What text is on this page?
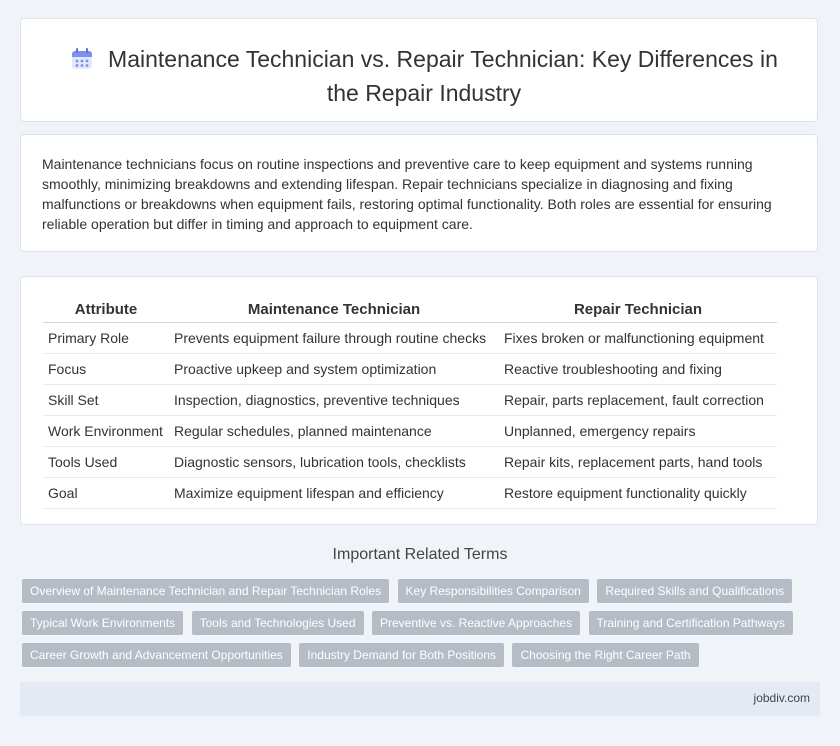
Maintenance Technician vs. Repair Technician: Key Differences in
the Repair Industry
Maintenance technicians focus on routine inspections and preventive care to keep equipment and systems running smoothly, minimizing breakdowns and extending lifespan. Repair technicians specialize in diagnosing and fixing malfunctions or breakdowns when equipment fails, restoring optimal functionality. Both roles are essential for ensuring reliable operation but differ in timing and approach to equipment care.
Attribute	Maintenance Technician	Repair Technician
Primary Role	Prevents equipment failure through routine checks	Fixes broken or malfunctioning equipment
Focus	Proactive upkeep and system optimization	Reactive troubleshooting and fixing
Skill Set	Inspection, diagnostics, preventive techniques	Repair, parts replacement, fault correction
Work Environment	Regular schedules, planned maintenance	Unplanned, emergency repairs
Tools Used	Diagnostic sensors, lubrication tools, checklists	Repair kits, replacement parts, hand tools
Goal	Maximize equipment lifespan and efficiency	Restore equipment functionality quickly
Important Related Terms
Overview of Maintenance Technician and Repair Technician Roles Key Responsibilities Comparison Required Skills and Qualifications Typical Work Environments Tools and Technologies Used Preventive vs. Reactive Approaches Training and Certification Pathways Career Growth and Advancement Opportunities Industry Demand for Both Positions Choosing the Right Career Path
jobdiv.com
